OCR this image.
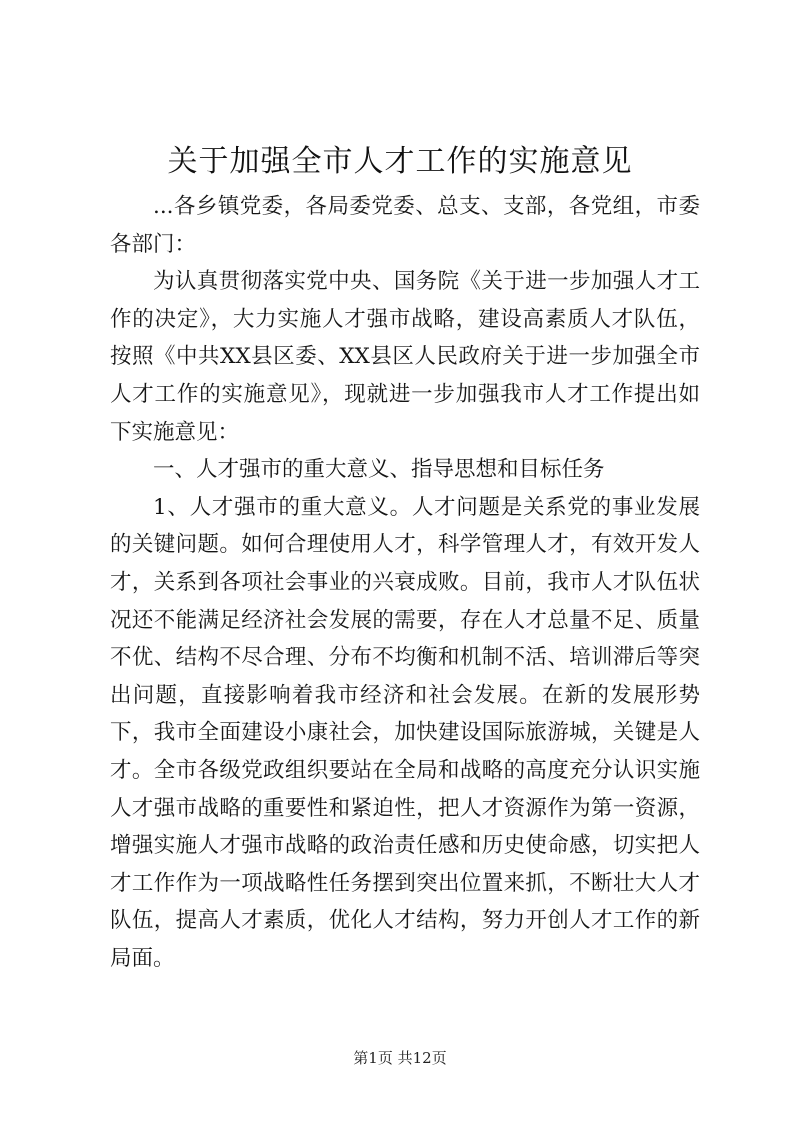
关于加强全市人才工作的实施意见

...各乡镇党委，各局委党委、总支、支部，各党组，市委各部门：

为认真贯彻落实党中央、国务院《关于进一步加强人才工作的决定》，大力实施人才强市战略，建设高素质人才队伍，按照《中共XX县区委、XX县区人民政府关于进一步加强全市人才工作的实施意见》，现就进一步加强我市人才工作提出如下实施意见：

一、人才强市的重大意义、指导思想和目标任务

1、人才强市的重大意义。人才问题是关系党的事业发展的关键问题。如何合理使用人才，科学管理人才，有效开发人才，关系到各项社会事业的兴衰成败。目前，我市人才队伍状况还不能满足经济社会发展的需要，存在人才总量不足、质量不优、结构不尽合理、分布不均衡和机制不活、培训滞后等突出问题，直接影响着我市经济和社会发展。在新的发展形势下，我市全面建设小康社会，加快建设国际旅游城，关键是人才。全市各级党政组织要站在全局和战略的高度充分认识实施人才强市战略的重要性和紧迫性，把人才资源作为第一资源，增强实施人才强市战略的政治责任感和历史使命感，切实把人才工作作为一项战略性任务摆到突出位置来抓，不断壮大人才队伍，提高人才素质，优化人才结构，努力开创人才工作的新局面。

第1页 共12页
